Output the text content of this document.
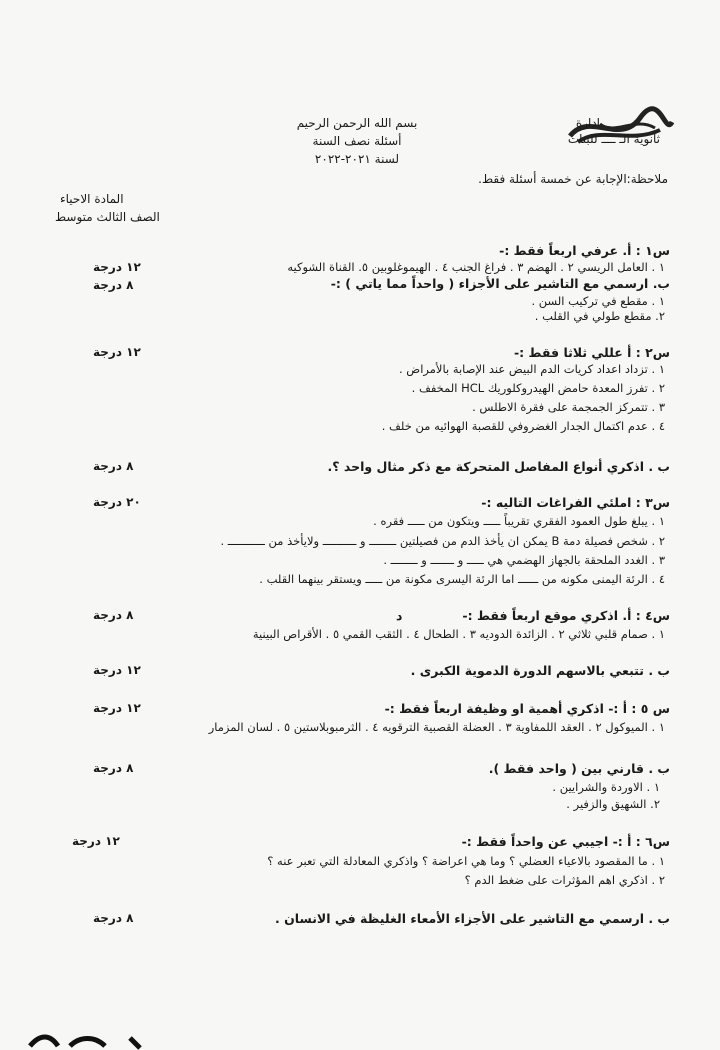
ادارة
ثانوية الـ ــــ للبنات
بسم الله الرحمن الرحيم
أسئلة نصف السنة
لسنة ٢٠٢١-٢٠٢٢
ملاحظة:الإجابة عن خمسة أسئلة فقط.
المادة الاحياء
الصف الثالث متوسط
س١ : أ. عرفي اربعاً فقط :-
١ . العامل الريسي ٢ . الهضم ٣ . فراغ الجنب ٤ . الهيموغلوبين ٥. القناة الشوكيه
١٢ درجة
ب. ارسمي مع التاشير على الأجزاء ( واحداً مما ياتي ) :-
٨ درجة
١ . مقطع في تركيب السن .
٢. مقطع طولي في القلب .
س٢ : أ عللي ثلاثا فقط :-
١٢ درجة
١ . تزداد اعداد كريات الدم البيض عند الإصابة بالأمراض .
٢ . تفرز المعدة حامض الهيدروكلوريك HCL المخفف .
٣ . تتمركز الجمجمة على فقرة الاطلس .
٤ . عدم اكتمال الجدار الغضروفي للقصبة الهوائيه من خلف .
ب . اذكري أنواع المفاصل المتحركة مع ذكر مثال واحد ؟.
٨ درجة
س٣ : املئي الفراغات التاليه :-
٢٠ درجة
١ . يبلغ طول العمود الفقري تقريباً ـــــ ويتكون من ـــــ فقره .
٢ . شخص فصيلة دمة B يمكن ان يأخذ الدم من فصيلتين ــــــــ و ــــــــــ ولايأخذ من ـــــــــــ .
٣ . الغدد الملحقة بالجهاز الهضمي هي ـــــ و ـــــــ و ــــــــ .
٤ . الرئة اليمنى مكونه من ــــــ اما الرئة اليسرى مكونة من ـــــ ويستقر بينهما القلب .
س٤ : أ. اذكري موقع اربعاً فقط :-
د
٨ درجة
١ . صمام قلبي ثلاثي ٢ . الزائدة الدوديه ٣ . الطحال ٤ . الثقب القمي ٥ . الأقراص البينية
ب . تتبعي بالاسهم الدورة الدموية الكبرى .
١٢ درجة
س ٥ : أ :- اذكري أهمية او وظيفة اربعاً فقط :-
١٢ درجة
١ . الميوكول ٢ . العقد اللمفاوية ٣ . العضلة القصبية الترقويه ٤ . الثرمبوبلاستين ٥ . لسان المزمار
ب . قارني بين ( واحد فقط ).
٨ درجة
١ . الاوردة والشرايين .
٢. الشهيق والزفير .
س٦ : أ :- اجيبي عن واحداً فقط :-
١٢ درجة
١ . ما المقصود بالاعياء العضلي ؟ وما هي اعراضة ؟ واذكري المعادلة التي تعبر عنه ؟
٢ . اذكري اهم المؤثرات على ضغط الدم ؟
ب . ارسمي مع التاشير على الأجزاء الأمعاء الغليظة في الانسان .
٨ درجة
